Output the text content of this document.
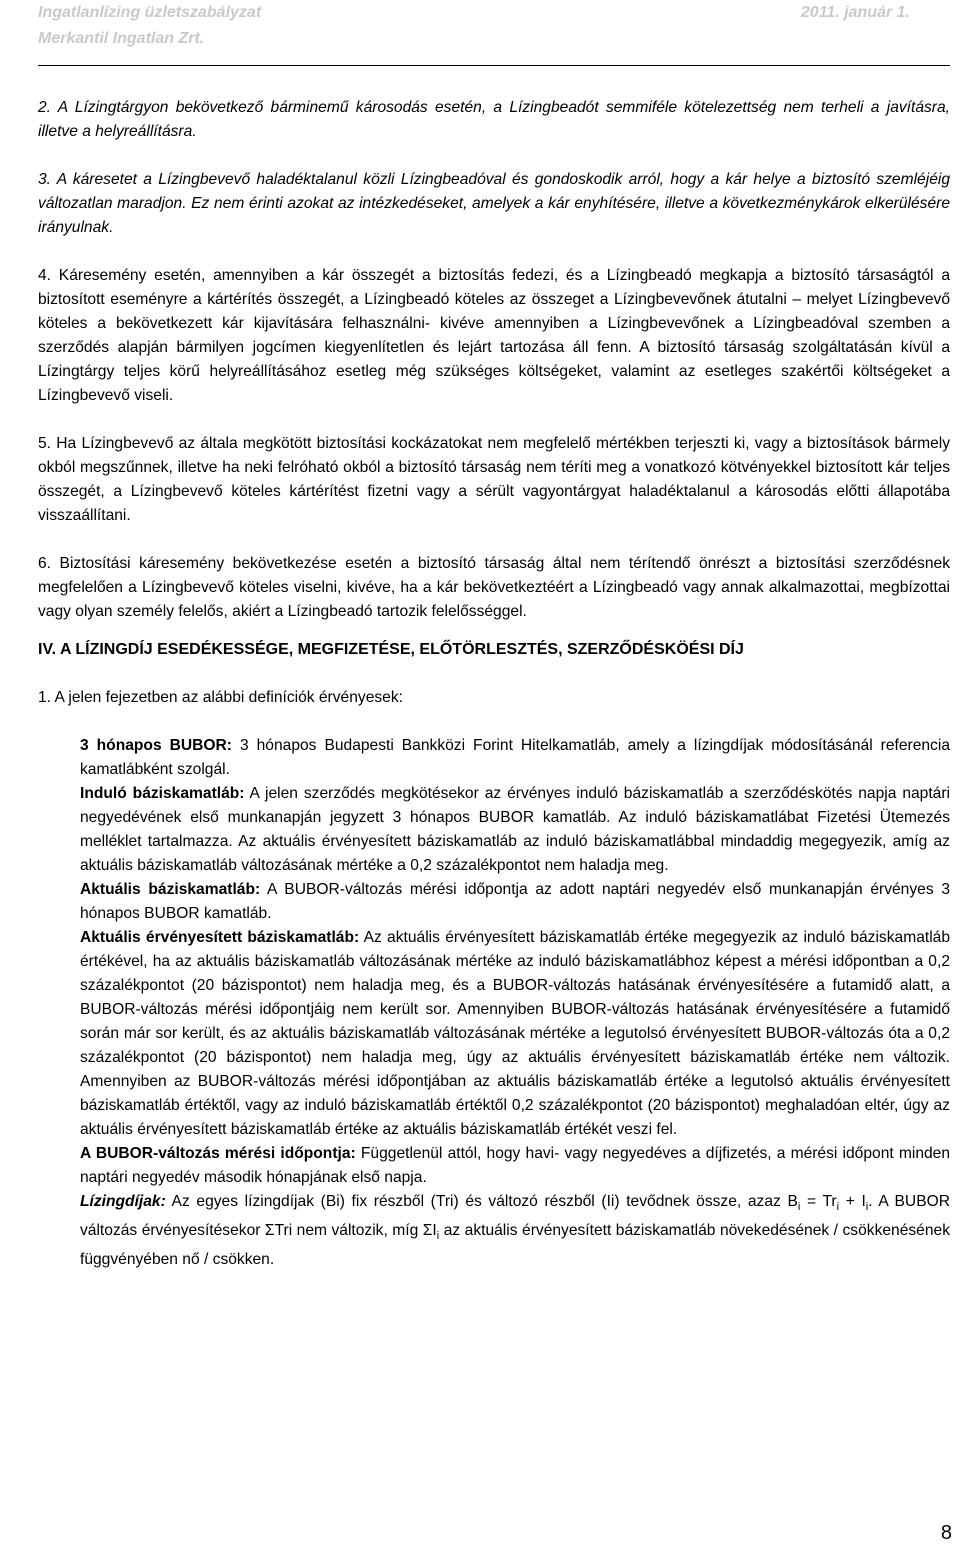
Ingatlanlízing üzletszabályzat	2011. január 1.
Merkantil Ingatlan Zrt.

2. A Lízingtárgyon bekövetkező bárminemű károsodás esetén, a Lízingbeadót semmiféle kötelezettség nem terheli a javításra, illetve a helyreállításra.

3. A káresetet a Lízingbevevő haladéktalanul közli Lízingbeadóval és gondoskodik arról, hogy a kár helye a biztosító szemléjéig változatlan maradjon. Ez nem érinti azokat az intézkedéseket, amelyek a kár enyhítésére, illetve a következménykárok elkerülésére irányulnak.

4. Káresemény esetén, amennyiben a kár összegét a biztosítás fedezi, és a Lízingbeadó megkapja a biztosító társaságtól a biztosított eseményre a kártérítés összegét, a Lízingbeadó köteles az összeget a Lízingbevevőnek átutalni – melyet Lízingbevevő köteles a bekövetkezett kár kijavítására felhasználni- kivéve amennyiben a Lízingbevevőnek a Lízingbeadóval szemben a szerződés alapján bármilyen jogcímen kiegyenlítetlen és lejárt tartozása áll fenn. A biztosító társaság szolgáltatásán kívül a Lízingtárgy teljes körű helyreállításához esetleg még szükséges költségeket, valamint az esetleges szakértői költségeket a Lízingbevevő viseli.

5. Ha Lízingbevevő az általa megkötött biztosítási kockázatokat nem megfelelő mértékben terjeszti ki, vagy a biztosítások bármely okból megszűnnek, illetve ha neki felróható okból a biztosító társaság nem téríti meg a vonatkozó kötvényekkel biztosított kár teljes összegét, a Lízingbevevő köteles kártérítést fizetni vagy a sérült vagyontárgyat haladéktalanul a károsodás előtti állapotába visszaállítani.

6. Biztosítási káresemény bekövetkezése esetén a biztosító társaság által nem térítendő önrészt a biztosítási szerződésnek megfelelően a Lízingbevevő köteles viselni, kivéve, ha a kár bekövetkeztéért a Lízingbeadó vagy annak alkalmazottai, megbízottai vagy olyan személy felelős, akiért a Lízingbeadó tartozik felelősséggel.

IV. A LÍZINGDÍJ ESEDÉKESSÉGE, MEGFIZETÉSE, ELŐTÖRLESZTÉS, SZERZŐDÉSKÖÉSI DÍJ

1. A jelen fejezetben az alábbi definíciók érvényesek:

3 hónapos BUBOR: 3 hónapos Budapesti Bankközi Forint Hitelkamatláb, amely a lízingdíjak módosításánál referencia kamatlábként szolgál.

Induló báziskamatláb: A jelen szerződés megkötésekor az érvényes induló báziskamatláb a szerződéskötés napja naptári negyedévének első munkanapján jegyzett 3 hónapos BUBOR kamatláb. Az induló báziskamatlábat Fizetési Ütemezés melléklet tartalmazza. Az aktuális érvényesített báziskamatláb az induló báziskamatlábbal mindaddig megegyezik, amíg az aktuális báziskamatláb változásának mértéke a 0,2 százalékpontot nem haladja meg.

Aktuális báziskamatláb: A BUBOR-változás mérési időpontja az adott naptári negyedév első munkanapján érvényes 3 hónapos BUBOR kamatláb.

Aktuális érvényesített báziskamatláb: Az aktuális érvényesített báziskamatláb értéke megegyezik az induló báziskamatláb értékével, ha az aktuális báziskamatláb változásának mértéke az induló báziskamatlábhoz képest a mérési időpontban a 0,2 százalékpontot (20 bázispontot) nem haladja meg, és a BUBOR-változás hatásának érvényesítésére a futamidő alatt, a BUBOR-változás mérési időpontjáig nem került sor. Amennyiben BUBOR-változás hatásának érvényesítésére a futamidő során már sor került, és az aktuális báziskamatláb változásának mértéke a legutolsó érvényesített BUBOR-változás óta a 0,2 százalékpontot (20 bázispontot) nem haladja meg, úgy az aktuális érvényesített báziskamatláb értéke nem változik. Amennyiben az BUBOR-változás mérési időpontjában az aktuális báziskamatláb értéke a legutolsó aktuális érvényesített báziskamatláb értéktől, vagy az induló báziskamatláb értéktől 0,2 százalékpontot (20 bázispontot) meghaladóan eltér, úgy az aktuális érvényesített báziskamatláb értéke az aktuális báziskamatláb értékét veszi fel.

A BUBOR-változás mérési időpontja: Függetlenül attól, hogy havi- vagy negyedéves a díjfizetés, a mérési időpont minden naptári negyedév második hónapjának első napja.

Lízingdíjak: Az egyes lízingdíjak (Bi) fix részből (Tri) és változó részből (Ii) tevődnek össze, azaz $B_i = Tr_i + I_i$. A BUBOR változás érvényesítésekor ΣTri nem változik, míg $\Sigma I_i$ az aktuális érvényesített báziskamatláb növekedésének / csökkenésének függvényében nő / csökken.

8
